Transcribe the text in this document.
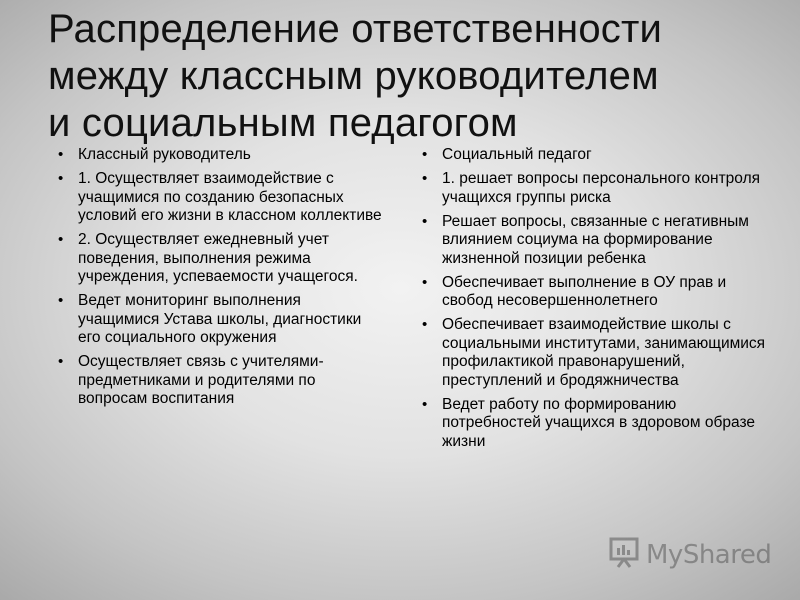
Распределение ответственности
между классным руководителем
и социальным педагогом
• Классный руководитель
• 1. Осуществляет взаимодействие с учащимися по созданию безопасных условий его жизни в классном коллективе
• 2. Осуществляет ежедневный учет поведения, выполнения режима учреждения, успеваемости учащегося.
• Ведет мониторинг выполнения учащимися Устава школы, диагностики его социального окружения
• Осуществляет связь с учителями-предметниками и родителями по вопросам воспитания
• Социальный педагог
• 1. решает вопросы персонального контроля учащихся группы риска
• Решает вопросы, связанные с негативным влиянием социума на формирование жизненной позиции ребенка
• Обеспечивает выполнение в ОУ прав и свобод несовершеннолетнего
• Обеспечивает взаимодействие школы с социальными институтами, занимающимися профилактикой правонарушений, преступлений и бродяжничества
• Ведет работу по формированию потребностей учащихся в здоровом образе жизни
MyShared
